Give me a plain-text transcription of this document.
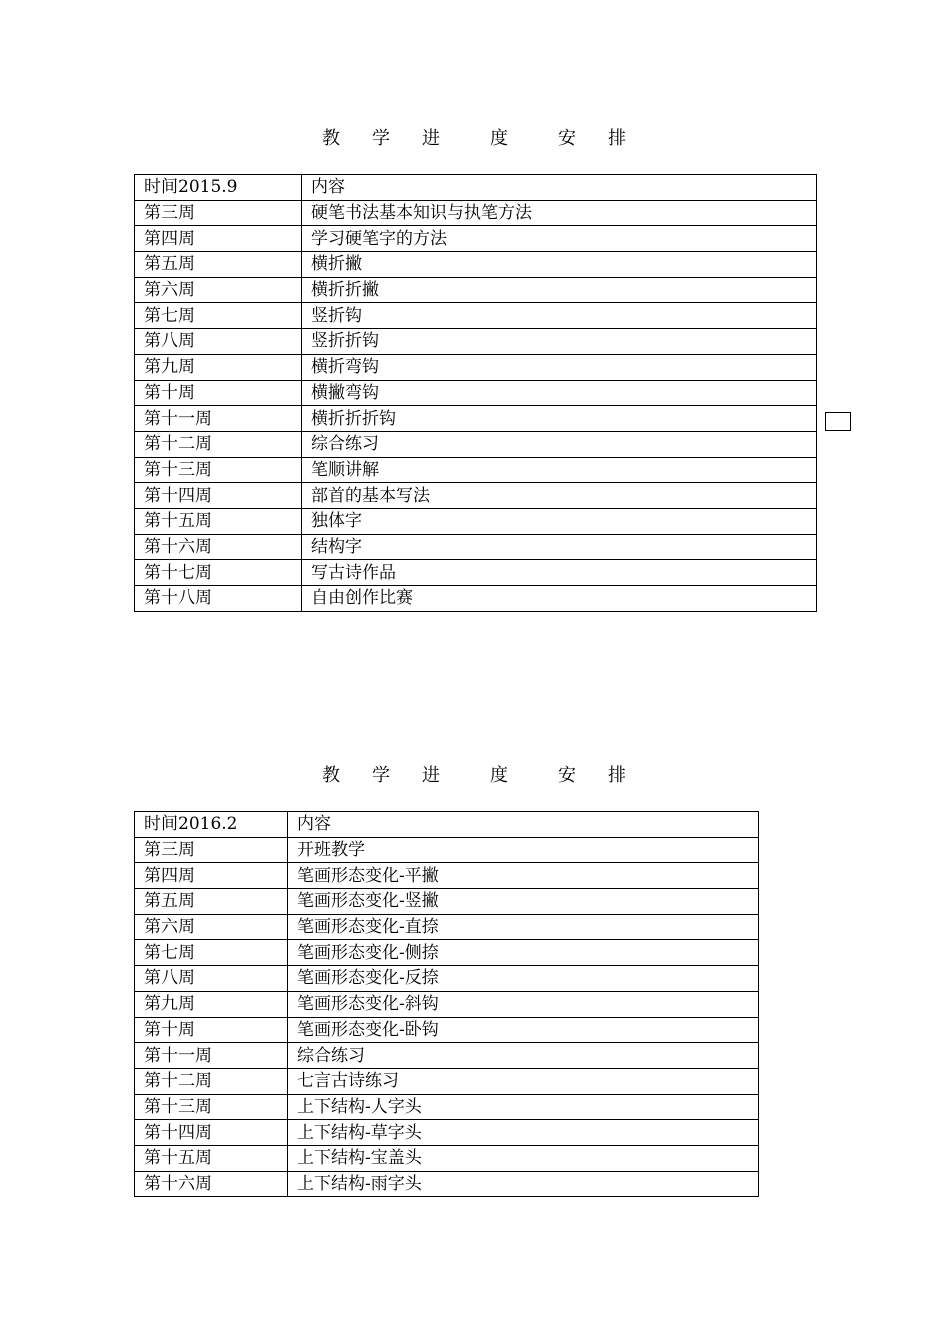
教 学 进	度	安 排
时间2015.9	内容
第三周	硬笔书法基本知识与执笔方法
第四周	学习硬笔字的方法
第五周	横折撇
第六周	横折折撇
第七周	竖折钩
第八周	竖折折钩
第九周	横折弯钩
第十周	横撇弯钩
第十一周	横折折折钩
第十二周	综合练习
第十三周	笔顺讲解
第十四周	部首的基本写法
第十五周	独体字
第十六周	结构字
第十七周	写古诗作品
第十八周	自由创作比赛
教 学 进	度	安 排
时间2016.2	内容
第三周	开班教学
第四周	笔画形态变化-平撇
第五周	笔画形态变化-竖撇
第六周	笔画形态变化-直捺
第七周	笔画形态变化-侧捺
第八周	笔画形态变化-反捺
第九周	笔画形态变化-斜钩
第十周	笔画形态变化-卧钩
第十一周	综合练习
第十二周	七言古诗练习
第十三周	上下结构-人字头
第十四周	上下结构-草字头
第十五周	上下结构-宝盖头
第十六周	上下结构-雨字头
